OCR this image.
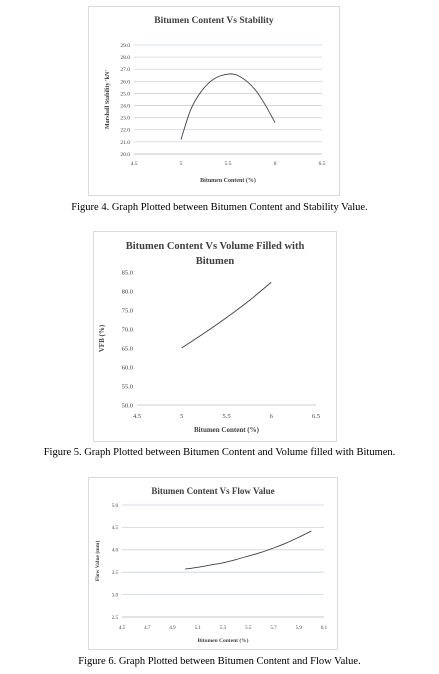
Bitumen Content Vs Stability
20.0
21.0
22.0
23.0
24.0
25.0
26.0
27.0
28.0
29.0
4.5	5	5.5	6	6.5
Bitumen Content (%)
Marshall Stability 'kN'
Figure 4. Graph Plotted between Bitumen Content and Stability Value.
Bitumen Content Vs Volume Filled with
Bitumen
50.0
55.0
60.0
65.0
70.0
75.0
80.0
85.0
4.5	5	5.5	6	6.5
Bitumen Content (%)
VFB (%)
Figure 5. Graph Plotted between Bitumen Content and Volume filled with Bitumen.
Bitumen Content Vs Flow Value
2.5
3.0
3.5
4.0
4.5
5.0
4.5	4.7	4.9	5.1	5.3	5.5	5.7	5.9	6.1
Bitumen Content (%)
Flow Value (mm)
Figure 6. Graph Plotted between Bitumen Content and Flow Value.
